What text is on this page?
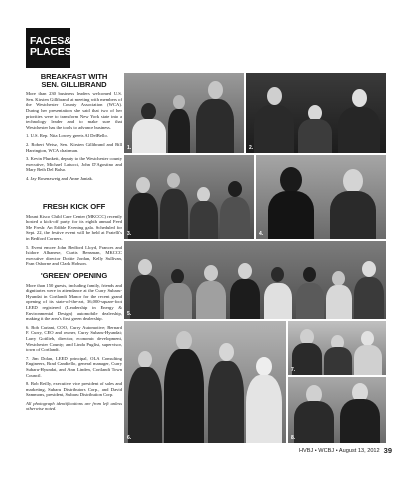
FACES&
PLACES
BREAKFAST WITH
SEN. GILLIBRAND

More than 230 business leaders welcomed U.S. Sen. Kirsten Gillibrand at meeting with members of the Westchester County Association (WCA). During her presentation she said that two of her priorities were to transform New York state into a technology leader and to make sure that Westchester has the tools to advance business.

1. U.S. Rep. Nita Lowey greets Al DelBello.

2. Robert Weisz, Sen. Kirsten Gillibrand and Bill Harrington, WCA chairman.

3. Kevin Plunkett, deputy to the Westchester county executive, Michael Latucci, John D'Agostino and Mary Beth Del Balso.

4. Jay Rosenzweig and Anne Janiak.

FRESH KICK OFF

Mount Kisco Child Care Center (MKCCC) recently hosted a kick-off party for its eighth annual Feed Me Fresh: An Edible Evening gala. Scheduled for Sept. 22, the festive event will be held at Fratelli's in Bedford Corners.

5. Event emcee John Bedford Lloyd, Frances and Isidore Albanese, Curtis Bensman, MKCCC executive director Dottie Jordan, Kelly Sullivan, Fran Osborne and Clark Hobson.

'GREEN' OPENING

More than 150 guests, including family, friends and dignitaries were in attendance at the Curry Subaru-Hyundai in Cortlandt Manor for the recent grand opening of its state-of-the-art, 36,000-square-foot LEED registered (Leadership in Energy & Environmental Design) automobile dealership, making it the area's first green dealership.

6. Bob Cariani, COO, Curry Automotive; Bernard F. Curry, CEO and owner, Curry Subaru-Hyundai; Larry Gottlieb, director, economic development, Westchester County; and Linda Puglisi, supervisor, town of Cortlandt.

7. Jim Dolan, LEED principal, OLA Consulting Engineers, Brad Candiello, general manager, Curry Subaru-Hyundai, and Ann Linden, Cortlandt Town Council.

8. Bob Reilly, executive vice president of sales and marketing, Subaru Distributors Corp., and David Sammons, president, Subaru Distribution Corp.

All photograph identifications are from left unless otherwise noted.

1.	2.
3.	4.
5.
6.
7.
8.
HVBJ • WCBJ • August 13, 2012 39
